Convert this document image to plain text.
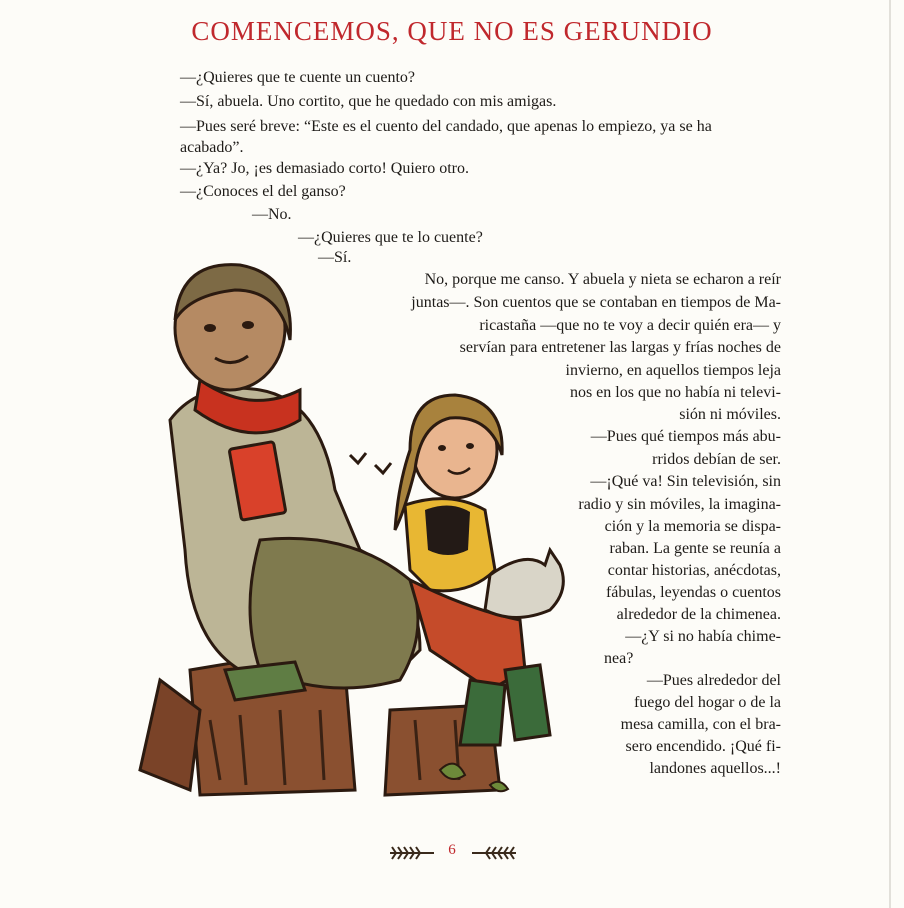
COMENCEMOS, QUE NO ES GERUNDIO
—¿Quieres que te cuente un cuento?
—Sí, abuela. Uno cortito, que he quedado con mis amigas.
—Pues seré breve: “Este es el cuento del candado, que apenas lo empiezo, ya se ha
acabado”.
—¿Ya? Jo, ¡es demasiado corto! Quiero otro.
—¿Conoces el del ganso?
—No.
—¿Quieres que te lo cuente?
—Sí.
No, porque me canso. Y abuela y nieta se echaron a reír
juntas—. Son cuentos que se contaban en tiempos de Ma-
ricastaña —que no te voy a decir quién era— y
servían para entretener las largas y frías noches de
invierno, en aquellos tiempos leja
nos en los que no había ni televi-
sión ni móviles.
—Pues qué tiempos más abu-
rridos debían de ser.
—¡Qué va! Sin televisión, sin
radio y sin móviles, la imagina-
ción y la memoria se dispa-
raban. La gente se reunía a
contar historias, anécdotas,
fábulas, leyendas o cuentos
alrededor de la chimenea.
—¿Y si no había chime-
nea?
—Pues alrededor del
fuego del hogar o de la
mesa camilla, con el bra-
sero encendido. ¡Qué fi-
landones aquellos...!
6
